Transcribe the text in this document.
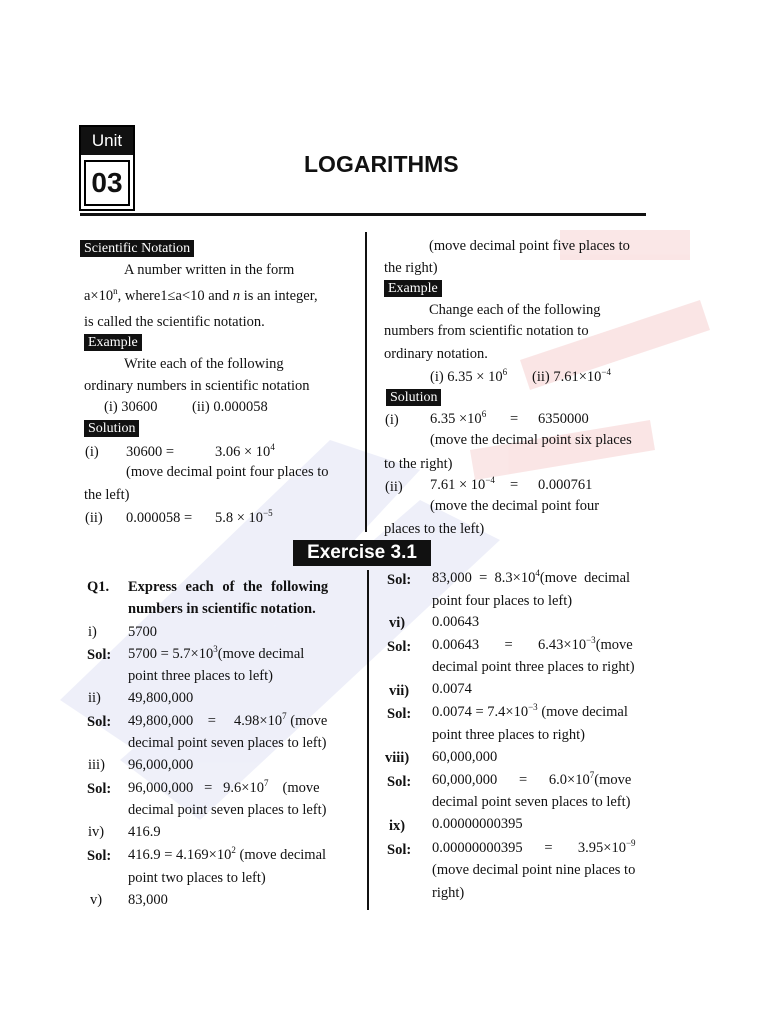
Unit
03
LOGARITHMS
Scientific Notation
A number written in the form
$a\times 10^n$, where1≤a<10 and n is an integer,
is called the scientific notation.
Example
Write each of the following
ordinary numbers in scientific notation
(i) 30600 (ii) 0.000058
Solution
(i) 30600 =	$3.06 \times 10^4$
(move decimal point four places to
the left)
(ii) $0.000058 = 5.8 \times 10^{-5}$
(move decimal point five places to
the right)
Example
Change each of the following
numbers from scientific notation to
ordinary notation.
(i) $6.35 \times 10^6$ (ii) $7.61\times 10^{-4}$
Solution
(i) $6.35 \times 10^6 = 6350000$
(move the decimal point six places
to the right)
(ii) $7.61 \times 10^{-4} = 0.000761$
(move the decimal point four
places to the left)
Exercise 3.1
Q1. Express each of the following
numbers in scientific notation.
i) 5700
Sol: $5700 = 5.7\times 10^3(move$ decimal
point three places to left)
ii) 49,800,000
Sol: 49,800,000    =     $4.98\times 10^7$ (move
decimal point seven places to left)
iii) 96,000,000
Sol: $96,000,000 = 9.6\times 10^7$ (move
decimal point seven places to left)
iv) 416.9
Sol: $416.9 = 4.169\times 10^2$ (move decimal
point two places to left)
v) 83,000
Sol: $83,000 = 8.3\times 10^4(move$  decimal
point four places to left)
vi) 0.00643
Sol: 0.00643       =       $6.43\times 10^{-3}(move$
decimal point three places to right)
vii) 0.0074
Sol: $0.0074 = 7.4\times 10^{-3}$ (move decimal
point three places to right)
viii) 60,000,000
Sol: 60,000,000      =      $6.0\times 10^7(move$
decimal point seven places to left)
ix) 0.00000000395
Sol: 0.00000000395      =       $3.95\times 10^{-9}$
(move decimal point nine places to
right)
